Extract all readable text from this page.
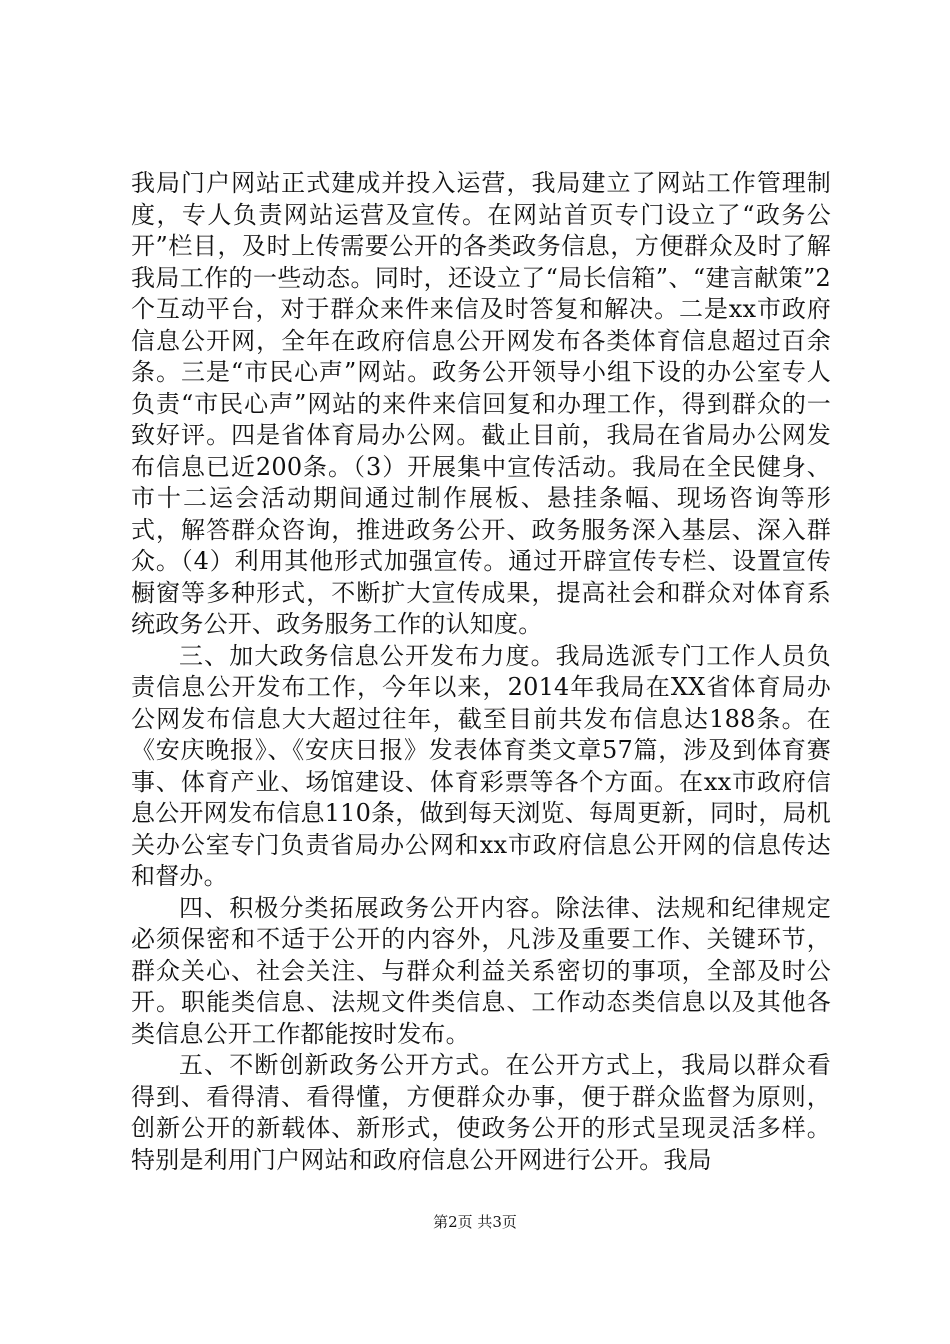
我局门户网站正式建成并投入运营，我局建立了网站工作管理制度，专人负责网站运营及宣传。在网站首页专门设立了“政务公开”栏目，及时上传需要公开的各类政务信息，方便群众及时了解我局工作的一些动态。同时，还设立了“局长信箱”、“建言献策”2个互动平台，对于群众来件来信及时答复和解决。二是xx市政府信息公开网，全年在政府信息公开网发布各类体育信息超过百余条。三是“市民心声”网站。政务公开领导小组下设的办公室专人负责“市民心声”网站的来件来信回复和办理工作，得到群众的一致好评。四是省体育局办公网。截止目前，我局在省局办公网发布信息已近200条。（3）开展集中宣传活动。我局在全民健身、市十二运会活动期间通过制作展板、悬挂条幅、现场咨询等形式，解答群众咨询，推进政务公开、政务服务深入基层、深入群众。（4）利用其他形式加强宣传。通过开辟宣传专栏、设置宣传橱窗等多种形式，不断扩大宣传成果，提高社会和群众对体育系统政务公开、政务服务工作的认知度。

三、加大政务信息公开发布力度。我局选派专门工作人员负责信息公开发布工作，今年以来，2014年我局在XX省体育局办公网发布信息大大超过往年，截至目前共发布信息达188条。在《安庆晚报》、《安庆日报》发表体育类文章57篇，涉及到体育赛事、体育产业、场馆建设、体育彩票等各个方面。在xx市政府信息公开网发布信息110条，做到每天浏览、每周更新，同时，局机关办公室专门负责省局办公网和xx市政府信息公开网的信息传达和督办。

四、积极分类拓展政务公开内容。除法律、法规和纪律规定必须保密和不适于公开的内容外，凡涉及重要工作、关键环节，群众关心、社会关注、与群众利益关系密切的事项，全部及时公开。职能类信息、法规文件类信息、工作动态类信息以及其他各类信息公开工作都能按时发布。

五、不断创新政务公开方式。在公开方式上，我局以群众看得到、看得清、看得懂，方便群众办事，便于群众监督为原则，创新公开的新载体、新形式，使政务公开的形式呈现灵活多样。特别是利用门户网站和政府信息公开网进行公开。我局

第2页 共3页
